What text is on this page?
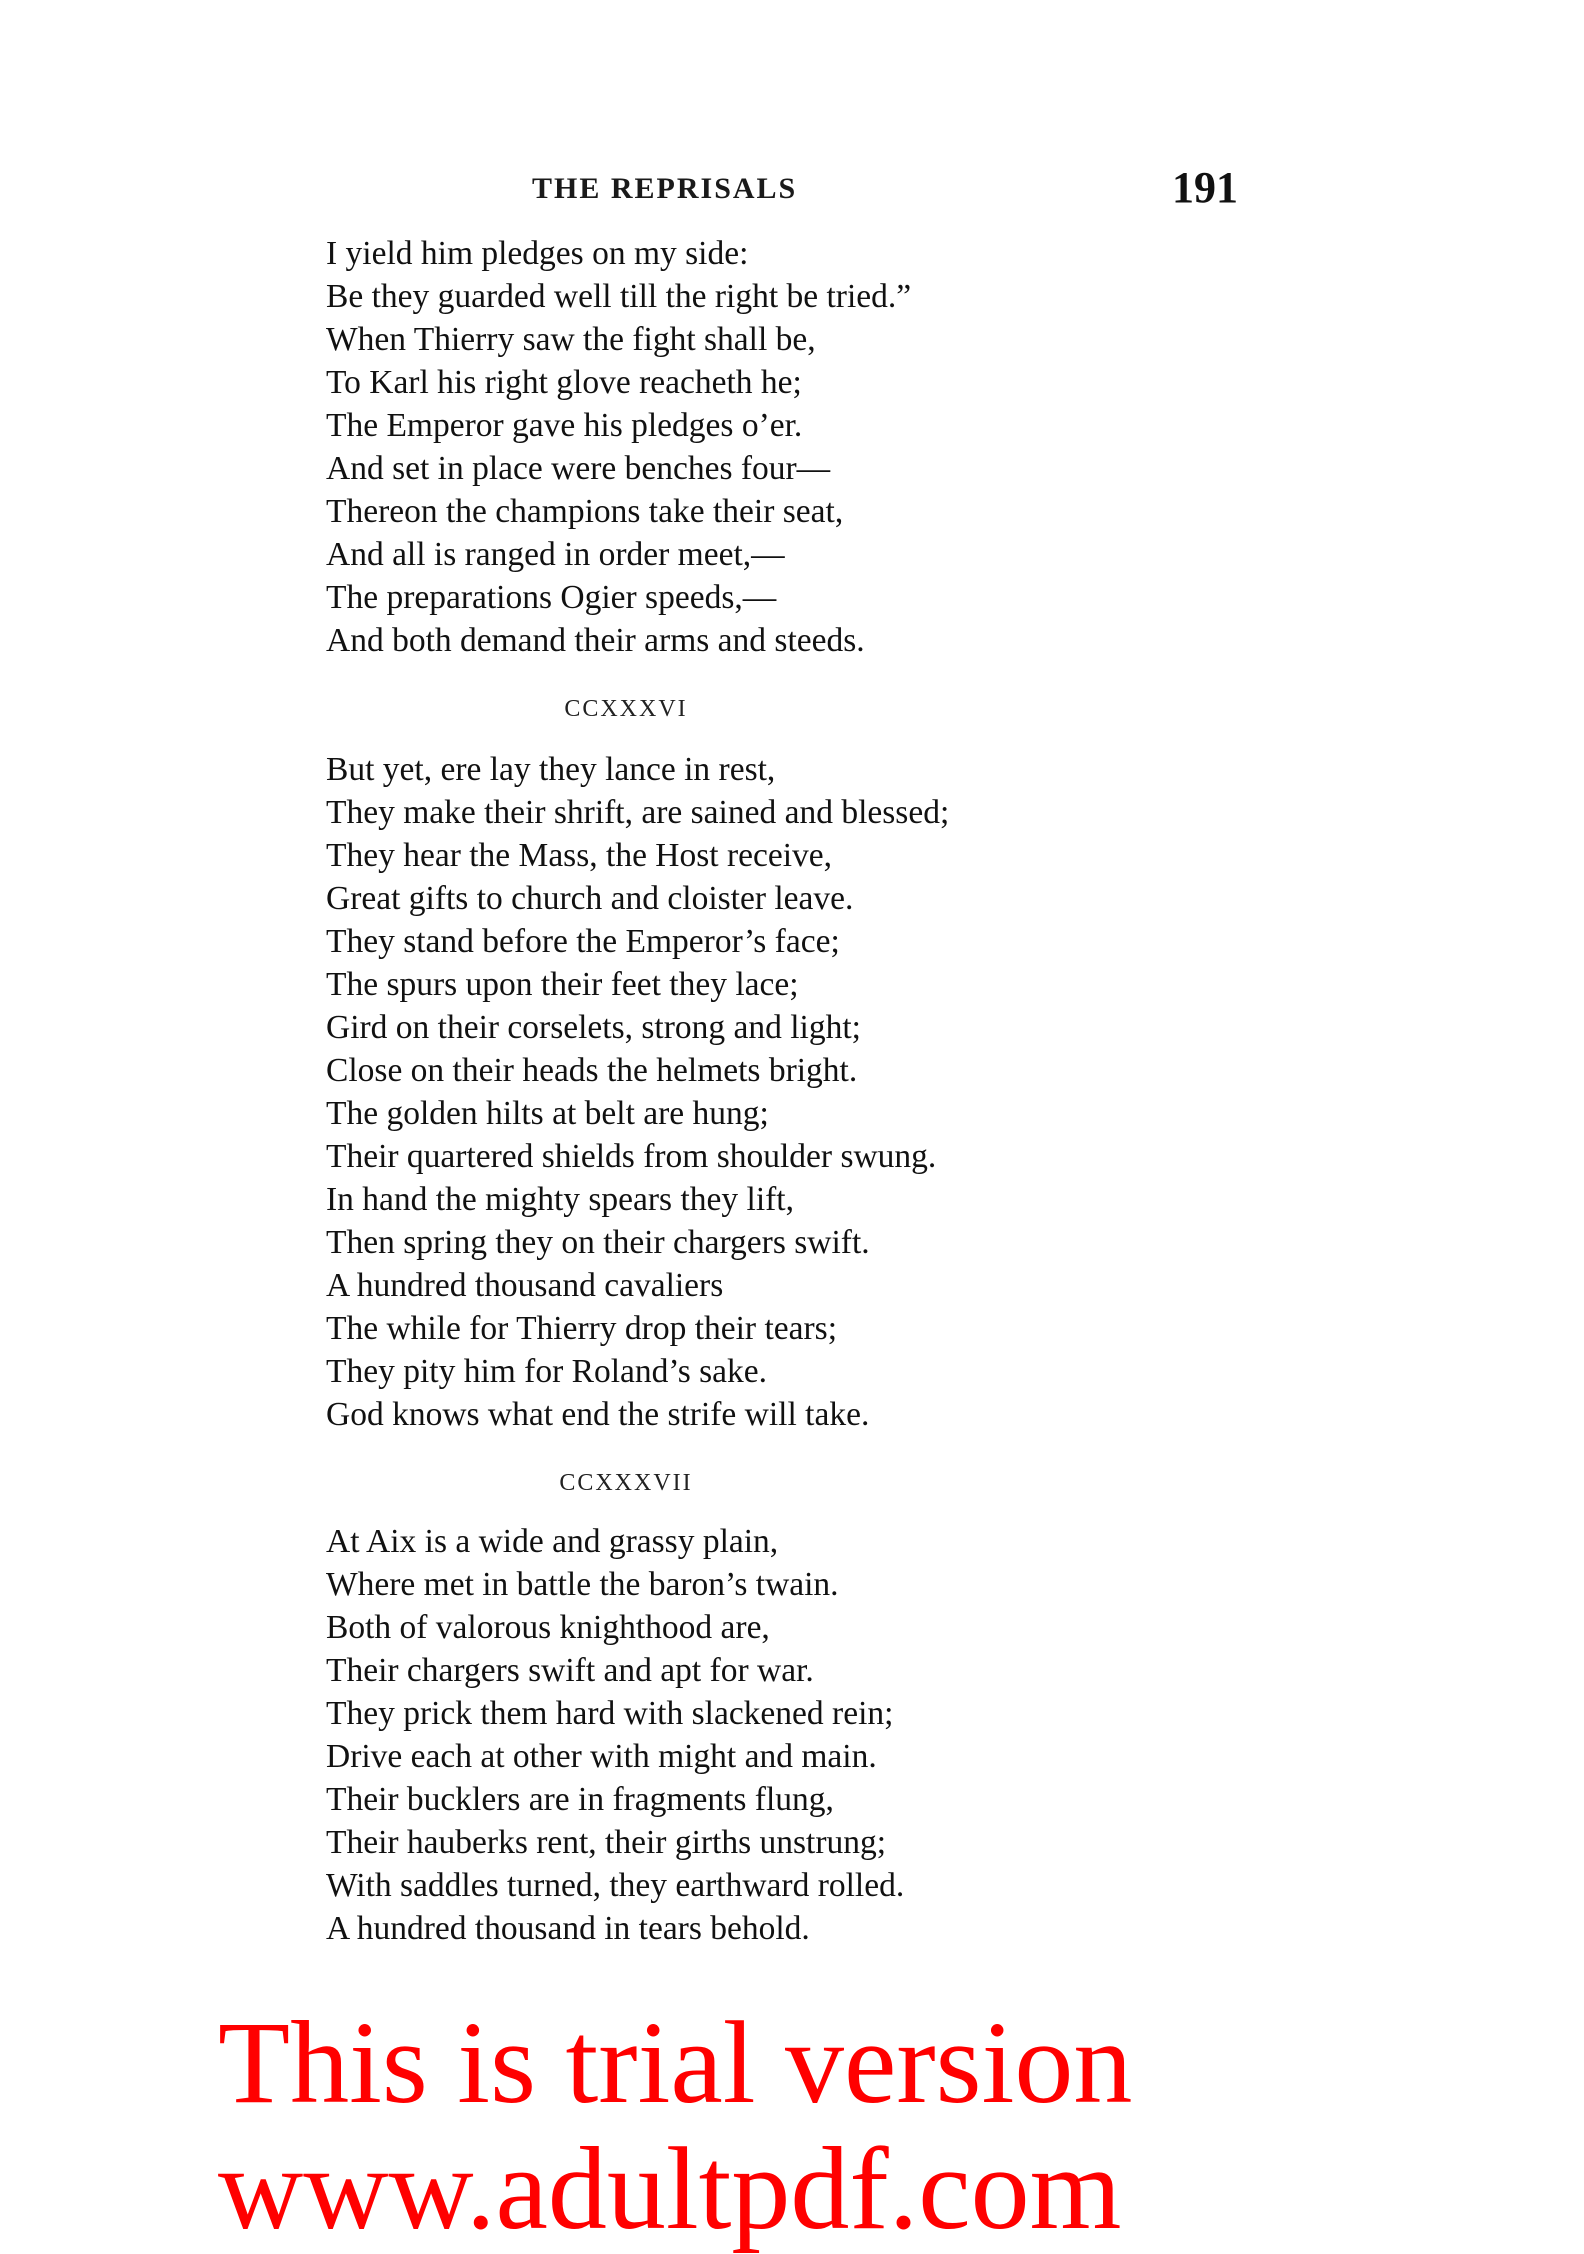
THE REPRISALS	191
I yield him pledges on my side:
Be they guarded well till the right be tried.”
When Thierry saw the fight shall be,
To Karl his right glove reacheth he;
The Emperor gave his pledges o’er.
And set in place were benches four—
Thereon the champions take their seat,
And all is ranged in order meet,—
The preparations Ogier speeds,—
And both demand their arms and steeds.
CCXXXVI
But yet, ere lay they lance in rest,
They make their shrift, are sained and blessed;
They hear the Mass, the Host receive,
Great gifts to church and cloister leave.
They stand before the Emperor’s face;
The spurs upon their feet they lace;
Gird on their corselets, strong and light;
Close on their heads the helmets bright.
The golden hilts at belt are hung;
Their quartered shields from shoulder swung.
In hand the mighty spears they lift,
Then spring they on their chargers swift.
A hundred thousand cavaliers
The while for Thierry drop their tears;
They pity him for Roland’s sake.
God knows what end the strife will take.
CCXXXVII
At Aix is a wide and grassy plain,
Where met in battle the baron’s twain.
Both of valorous knighthood are,
Their chargers swift and apt for war.
They prick them hard with slackened rein;
Drive each at other with might and main.
Their bucklers are in fragments flung,
Their hauberks rent, their girths unstrung;
With saddles turned, they earthward rolled.
A hundred thousand in tears behold.
This is trial version
www.adultpdf.com
